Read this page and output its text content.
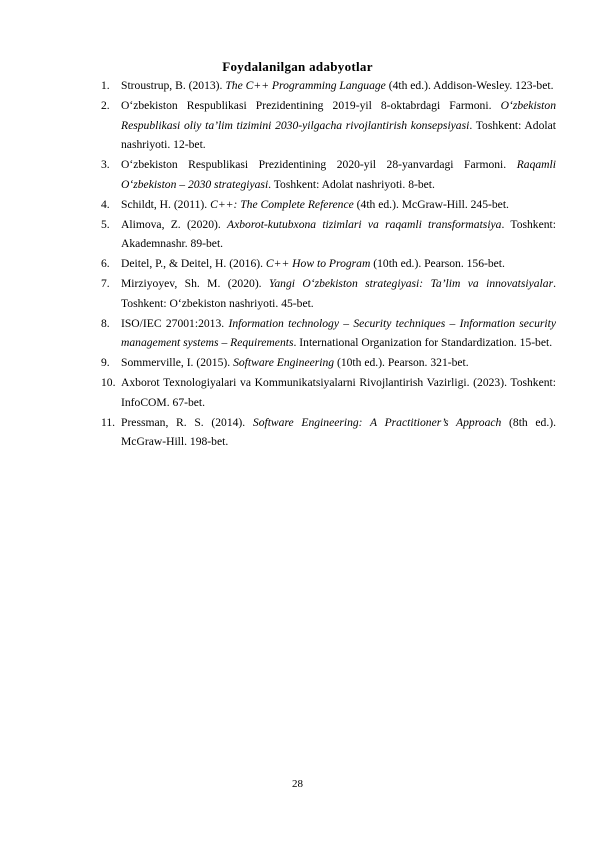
Foydalanilgan adabyotlar
1. Stroustrup, B. (2013). The C++ Programming Language (4th ed.). Addison-Wesley. 123-bet.
2. O‘zbekiston Respublikasi Prezidentining 2019-yil 8-oktabrdagi Farmoni. O‘zbekiston Respublikasi oliy ta’lim tizimini 2030-yilgacha rivojlantirish konsepsiyasi. Toshkent: Adolat nashriyoti. 12-bet.
3. O‘zbekiston Respublikasi Prezidentining 2020-yil 28-yanvardagi Farmoni. Raqamli O‘zbekiston – 2030 strategiyasi. Toshkent: Adolat nashriyoti. 8-bet.
4. Schildt, H. (2011). C++: The Complete Reference (4th ed.). McGraw-Hill. 245-bet.
5. Alimova, Z. (2020). Axborot-kutubxona tizimlari va raqamli transformatsiya. Toshkent: Akademnashr. 89-bet.
6. Deitel, P., & Deitel, H. (2016). C++ How to Program (10th ed.). Pearson. 156-bet.
7. Mirziyoyev, Sh. M. (2020). Yangi O‘zbekiston strategiyasi: Ta’lim va innovatsiyalar. Toshkent: O‘zbekiston nashriyoti. 45-bet.
8. ISO/IEC 27001:2013. Information technology – Security techniques – Information security management systems – Requirements. International Organization for Standardization. 15-bet.
9. Sommerville, I. (2015). Software Engineering (10th ed.). Pearson. 321-bet.
10. Axborot Texnologiyalari va Kommunikatsiyalarni Rivojlantirish Vazirligi. (2023). Toshkent: InfoCOM. 67-bet.
11. Pressman, R. S. (2014). Software Engineering: A Practitioner’s Approach (8th ed.). McGraw-Hill. 198-bet.
28
